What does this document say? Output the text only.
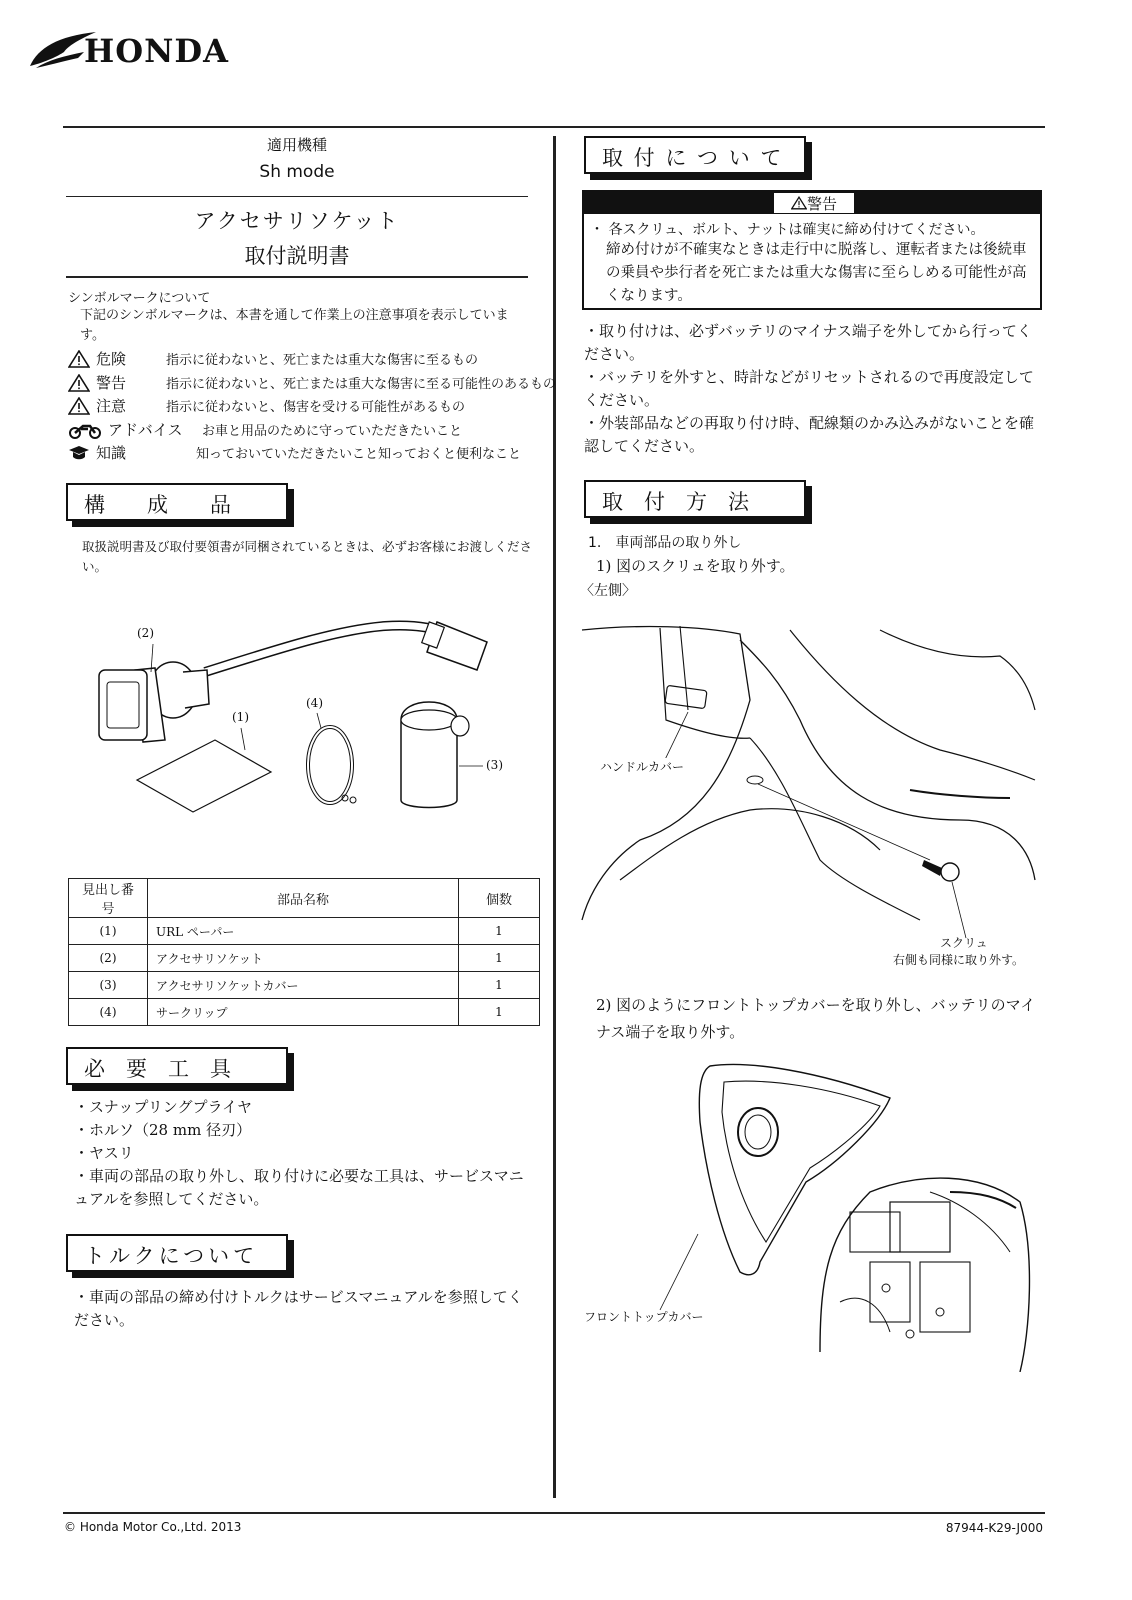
HONDA
適用機種
Sh mode
アクセサリソケット
取付説明書
シンボルマークについて
下記のシンボルマークは、本書を通して作業上の注意事項を表示しています。
危険	指示に従わないと、死亡または重大な傷害に至るもの
警告	指示に従わないと、死亡または重大な傷害に至る可能性のあるもの
注意	指示に従わないと、傷害を受ける可能性があるもの
アドバイス	お車と用品のために守っていただきたいこと
知識	知っておいていただきたいこと知っておくと便利なこと
構　　成　　品
取扱説明書及び取付要領書が同梱されているときは、必ずお客様にお渡しください。
(2)
(1)
(4)
(3)
見出し番号	部品名称	個数
(1)	URL ペーパー	1
(2)	アクセサリソケット	1
(3)	アクセサリソケットカバー	1
(4)	サークリップ	1
必　要　工　具
・スナップリングプライヤ
・ホルソ（28 mm 径刃）
・ヤスリ
・車両の部品の取り外し、取り付けに必要な工具は、サービスマニュアルを参照してください。
トルクについて
・車両の部品の締め付けトルクはサービスマニュアルを参照してください。
取 付 に つ い て
警告
・ 各スクリュ、ボルト、ナットは確実に締め付けてください。
締め付けが不確実なときは走行中に脱落し、運転者または後続車の乗員や歩行者を死亡または重大な傷害に至らしめる可能性が高くなります。
・取り付けは、必ずバッテリのマイナス端子を外してから行ってください。
・バッテリを外すと、時計などがリセットされるので再度設定してください。
・外装部品などの再取り付け時、配線類のかみ込みがないことを確認してください。
取　付　方　法
1.　車両部品の取り外し
1) 図のスクリュを取り外す。
〈左側〉
ハンドルカバー
スクリュ
右側も同様に取り外す。
2) 図のようにフロントトップカバーを取り外し、バッテリのマイナス端子を取り外す。
フロントトップカバー
© Honda Motor Co.,Ltd. 2013	87944-K29-J000
